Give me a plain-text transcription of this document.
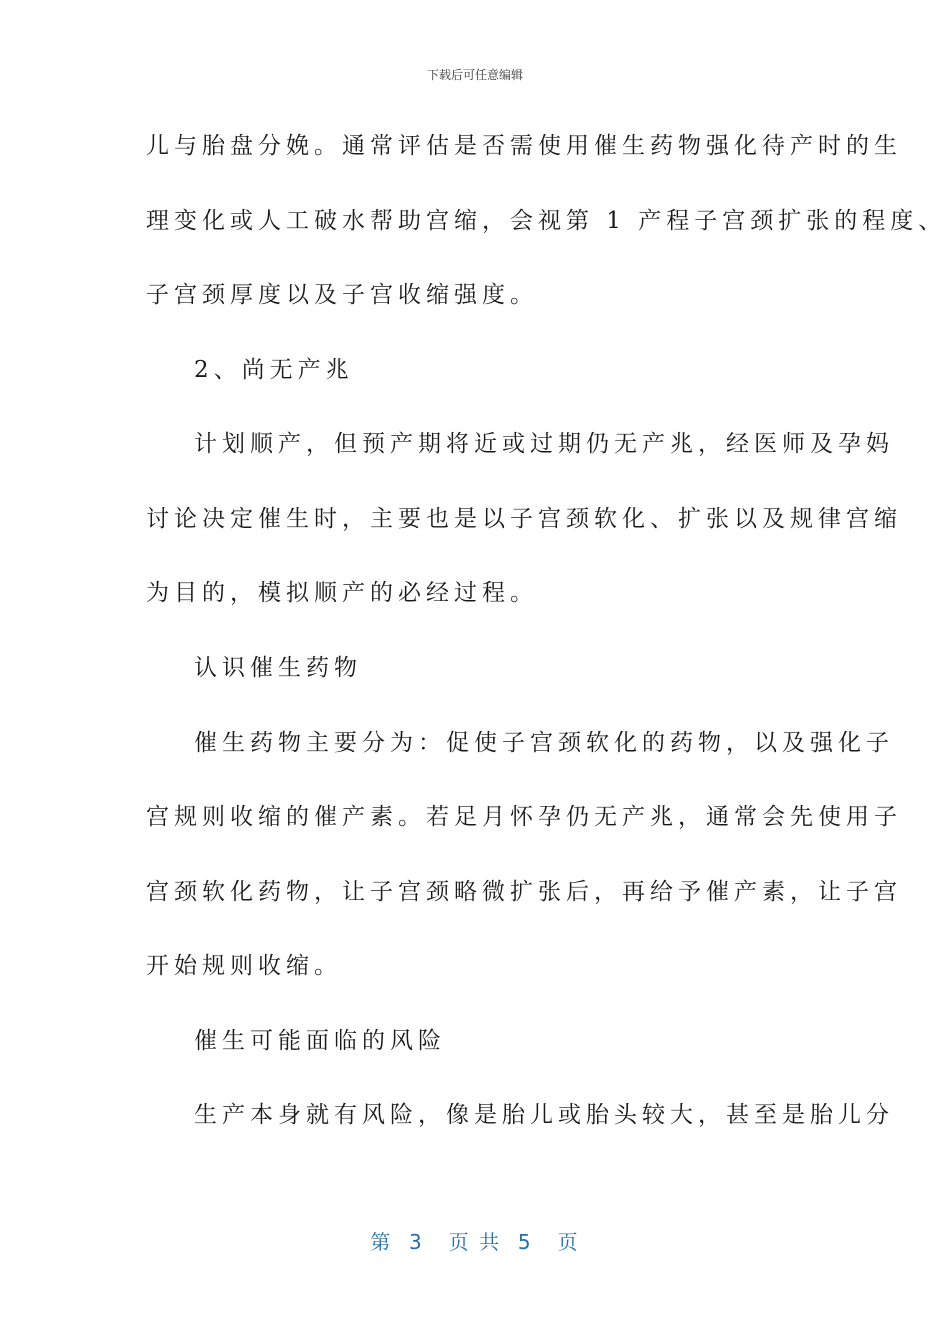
下载后可任意编辑
儿与胎盘分娩。通常评估是否需使用催生药物强化待产时的生
理变化或人工破水帮助宫缩，会视第 1 产程子宫颈扩张的程度、
子宫颈厚度以及子宫收缩强度。
2、尚无产兆
计划顺产，但预产期将近或过期仍无产兆，经医师及孕妈
讨论决定催生时，主要也是以子宫颈软化、扩张以及规律宫缩
为目的，模拟顺产的必经过程。
认识催生药物
催生药物主要分为：促使子宫颈软化的药物，以及强化子
宫规则收缩的催产素。若足月怀孕仍无产兆，通常会先使用子
宫颈软化药物，让子宫颈略微扩张后，再给予催产素，让子宫
开始规则收缩。
催生可能面临的风险
生产本身就有风险，像是胎儿或胎头较大，甚至是胎儿分
第  3   页 共  5   页
